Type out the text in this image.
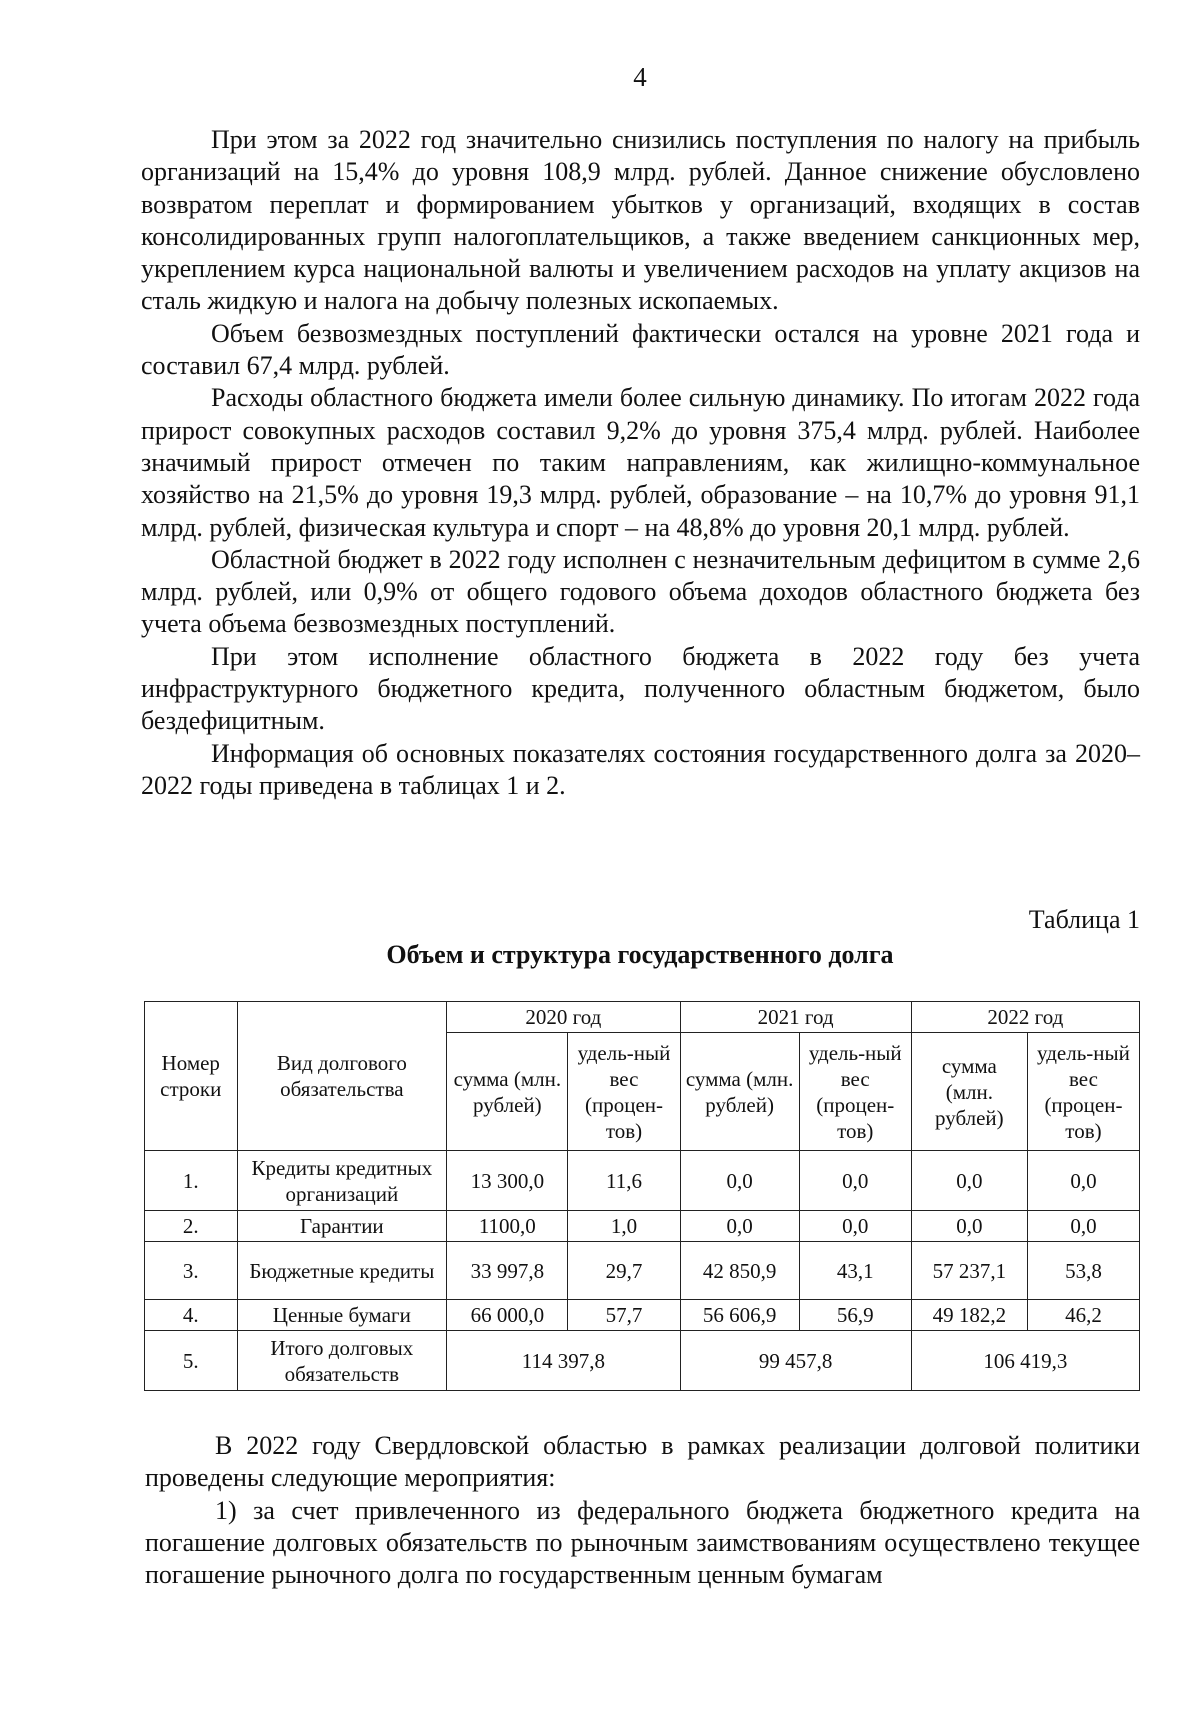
4

При этом за 2022 год значительно снизились поступления по налогу на прибыль организаций на 15,4% до уровня 108,9 млрд. рублей. Данное снижение обусловлено возвратом переплат и формированием убытков у организаций, входящих в состав консолидированных групп налогоплательщиков, а также введением санкционных мер, укреплением курса национальной валюты и увеличением расходов на уплату акцизов на сталь жидкую и налога на добычу полезных ископаемых.

Объем безвозмездных поступлений фактически остался на уровне 2021 года и составил 67,4 млрд. рублей.

Расходы областного бюджета имели более сильную динамику. По итогам 2022 года прирост совокупных расходов составил 9,2% до уровня 375,4 млрд. рублей. Наиболее значимый прирост отмечен по таким направлениям, как жилищно-коммунальное хозяйство на 21,5% до уровня 19,3 млрд. рублей, образование – на 10,7% до уровня 91,1 млрд. рублей, физическая культура и спорт – на 48,8% до уровня 20,1 млрд. рублей.

Областной бюджет в 2022 году исполнен с незначительным дефицитом в сумме 2,6 млрд. рублей, или 0,9% от общего годового объема доходов областного бюджета без учета объема безвозмездных поступлений.

При этом исполнение областного бюджета в 2022 году без учета инфраструктурного бюджетного кредита, полученного областным бюджетом, было бездефицитным.

Информация об основных показателях состояния государственного долга за 2020–2022 годы приведена в таблицах 1 и 2.

Таблица 1
Объем и структура государственного долга
Номер строки	Вид долгового обязательства	2020 год		2021 год		2022 год	
		сумма (млн. рублей)	удель-ный вес (процен-тов)	сумма (млн. рублей)	удель-ный вес (процен-тов)	сумма (млн. рублей)	удель-ный вес (процен-тов)
1.	Кредиты кредитных организаций	13 300,0	11,6	0,0	0,0	0,0	0,0
2.	Гарантии	1100,0	1,0	0,0	0,0	0,0	0,0
3.	Бюджетные кредиты	33 997,8	29,7	42 850,9	43,1	57 237,1	53,8
4.	Ценные бумаги	66 000,0	57,7	56 606,9	56,9	49 182,2	46,2
5.	Итого долговых обязательств	114 397,8		99 457,8		106 419,3	

В 2022 году Свердловской областью в рамках реализации долговой политики проведены следующие мероприятия:

1) за счет привлеченного из федерального бюджета бюджетного кредита на погашение долговых обязательств по рыночным заимствованиям осуществлено текущее погашение рыночного долга по государственным ценным бумагам
